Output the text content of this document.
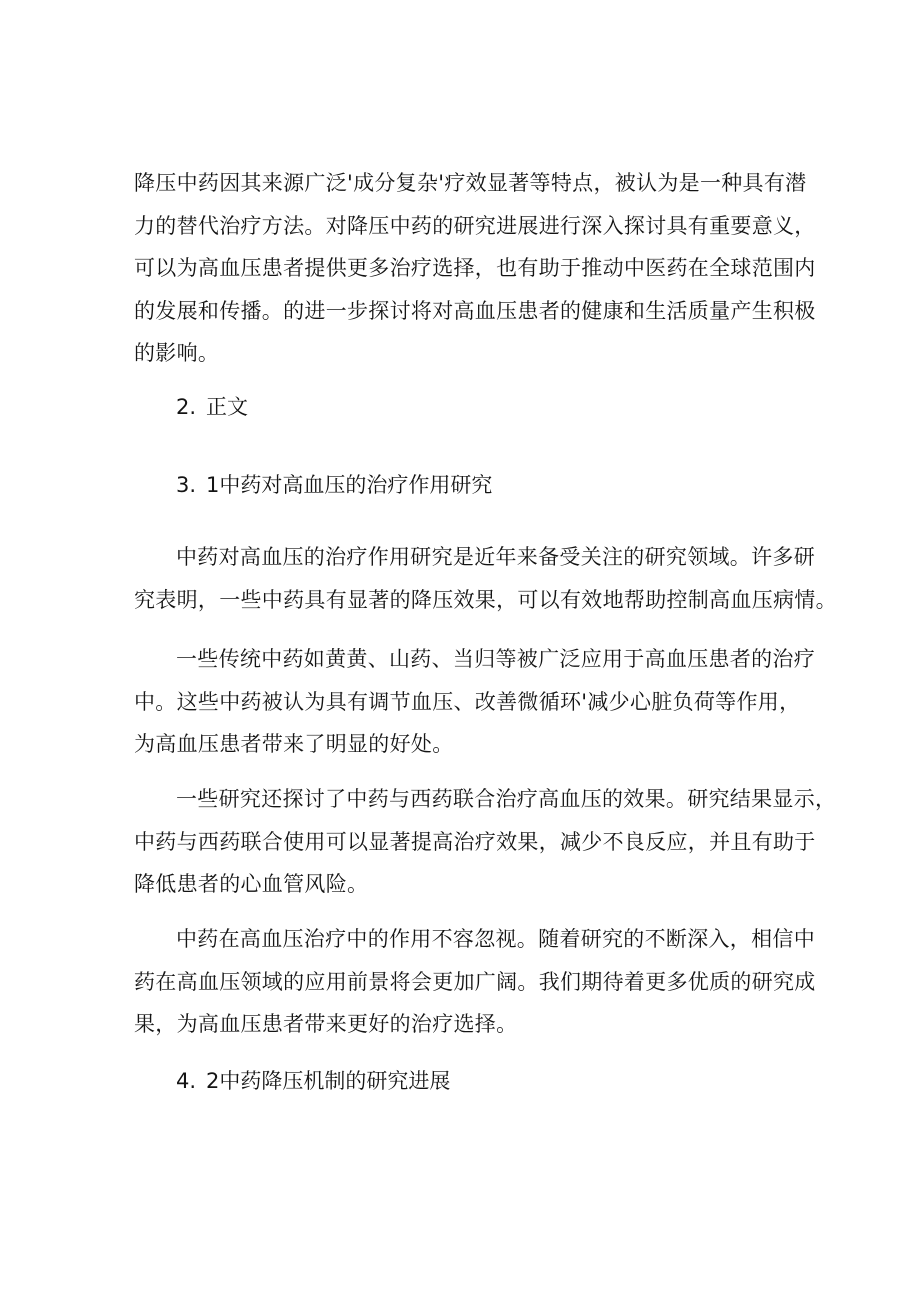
降压中药因其来源广泛'成分复杂'疗效显著等特点，被认为是一种具有潜
力的替代治疗方法。对降压中药的研究进展进行深入探讨具有重要意义，
可以为高血压患者提供更多治疗选择，也有助于推动中医药在全球范围内
的发展和传播。的进一步探讨将对高血压患者的健康和生活质量产生积极
的影响。

2. 正文
3. 1中药对高血压的治疗作用研究

中药对高血压的治疗作用研究是近年来备受关注的研究领域。许多研
究表明，一些中药具有显著的降压效果，可以有效地帮助控制高血压病情。

一些传统中药如黄黄、山药、当归等被广泛应用于高血压患者的治疗
中。这些中药被认为具有调节血压、改善微循环'减少心脏负荷等作用，
为高血压患者带来了明显的好处。

一些研究还探讨了中药与西药联合治疗高血压的效果。研究结果显示，
中药与西药联合使用可以显著提高治疗效果，减少不良反应，并且有助于
降低患者的心血管风险。

中药在高血压治疗中的作用不容忽视。随着研究的不断深入，相信中
药在高血压领域的应用前景将会更加广阔。我们期待着更多优质的研究成
果，为高血压患者带来更好的治疗选择。

4. 2中药降压机制的研究进展
